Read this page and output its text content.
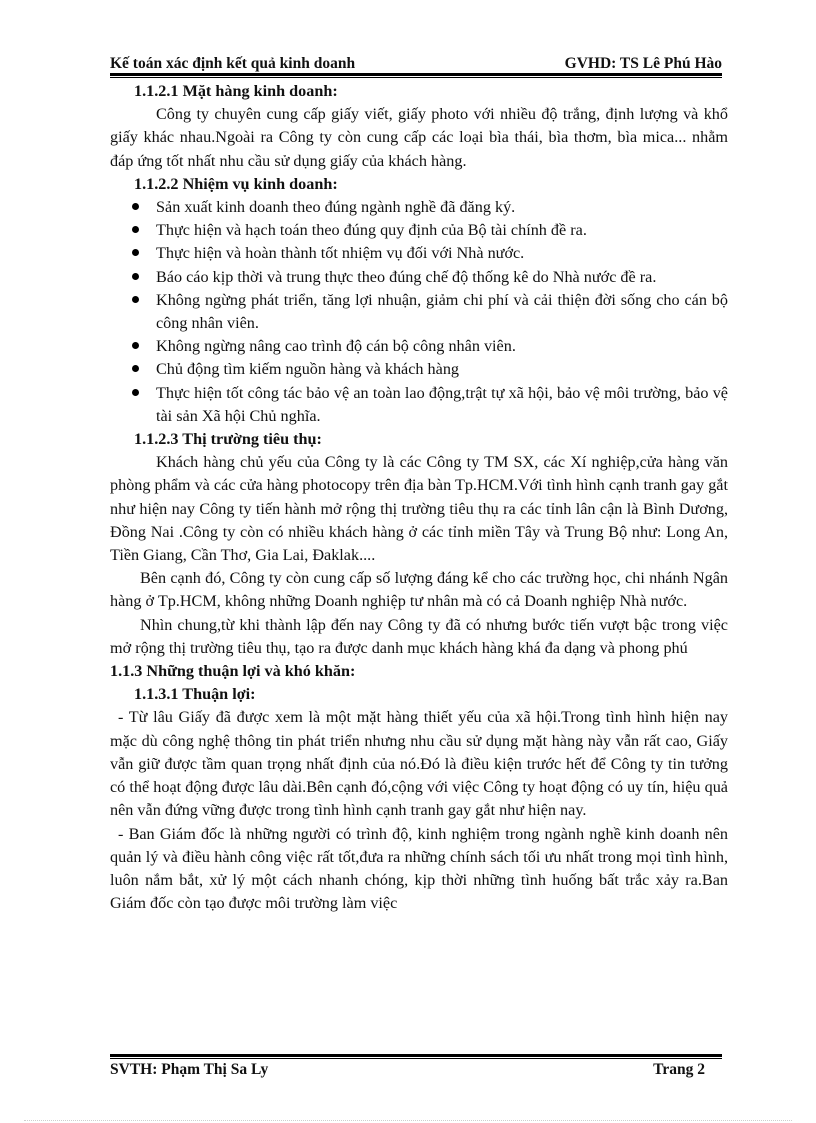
Kế toán xác định kết quả kinh doanh	GVHD: TS Lê Phú Hào

1.1.2.1 Mặt hàng kinh doanh:

Công ty chuyên cung cấp giấy viết, giấy photo với nhiều độ trắng, định lượng và khổ giấy khác nhau.Ngoài ra Công ty còn cung cấp các loại bìa thái, bìa thơm, bìa mica... nhằm đáp ứng tốt nhất nhu cầu sử dụng giấy của khách hàng.

1.1.2.2 Nhiệm vụ kinh doanh:

Sản xuất kinh doanh theo đúng ngành nghề đã đăng ký.
Thực hiện và hạch toán theo đúng quy định của Bộ tài chính đề ra.
Thực hiện và hoàn thành tốt nhiệm vụ đối với Nhà nước.
Báo cáo kịp thời và trung thực theo đúng chế độ thống kê do Nhà nước đề ra.
Không ngừng phát triển, tăng lợi nhuận, giảm chi phí và cải thiện đời sống cho cán bộ công nhân viên.
Không ngừng nâng cao trình độ cán bộ công nhân viên.
Chủ động tìm kiếm nguồn hàng và khách hàng
Thực hiện tốt công tác bảo vệ an toàn lao động,trật tự xã hội, bảo vệ môi trường, bảo vệ tài sản Xã hội Chủ nghĩa.

1.1.2.3 Thị trường tiêu thụ:

Khách hàng chủ yếu của Công ty là các Công ty TM SX, các Xí nghiệp,cửa hàng văn phòng phẩm và các cửa hàng photocopy trên địa bàn Tp.HCM.Với tình hình cạnh tranh gay gắt như hiện nay Công ty tiến hành mở rộng thị trường tiêu thụ ra các tỉnh lân cận là Bình Dương, Đồng Nai .Công ty còn có nhiều khách hàng ở các tỉnh miền Tây và Trung Bộ như: Long An, Tiền Giang, Cần Thơ, Gia Lai, Đaklak....

Bên cạnh đó, Công ty còn cung cấp số lượng đáng kể cho các trường học, chi nhánh Ngân hàng ở Tp.HCM, không những Doanh nghiệp tư nhân mà có cả Doanh nghiệp Nhà nước.

Nhìn chung,từ khi thành lập đến nay Công ty đã có nhưng bước tiến vượt bậc trong việc mở rộng thị trường tiêu thụ, tạo ra được danh mục khách hàng khá đa dạng và phong phú

1.1.3 Những thuận lợi và khó khăn:

1.1.3.1 Thuận lợi:

- Từ lâu Giấy đã được xem là một mặt hàng thiết yếu của xã hội.Trong tình hình hiện nay mặc dù công nghệ thông tin phát triển nhưng nhu cầu sử dụng mặt hàng này vẫn rất cao, Giấy vẫn giữ được tầm quan trọng nhất định của nó.Đó là điều kiện trước hết để Công ty tin tưởng có thể hoạt động được lâu dài.Bên cạnh đó,cộng với việc Công ty hoạt động có uy tín, hiệu quả nên vẫn đứng vững được trong tình hình cạnh tranh gay gắt như hiện nay.

- Ban Giám đốc là những người có trình độ, kinh nghiệm trong ngành nghề kinh doanh nên quản lý và điều hành công việc rất tốt,đưa ra những chính sách tối ưu nhất trong mọi tình hình, luôn nắm bắt, xử lý một cách nhanh chóng, kịp thời những tình huống bất trắc xảy ra.Ban Giám đốc còn tạo được môi trường làm việc

SVTH: Phạm Thị Sa Ly	Trang 2
